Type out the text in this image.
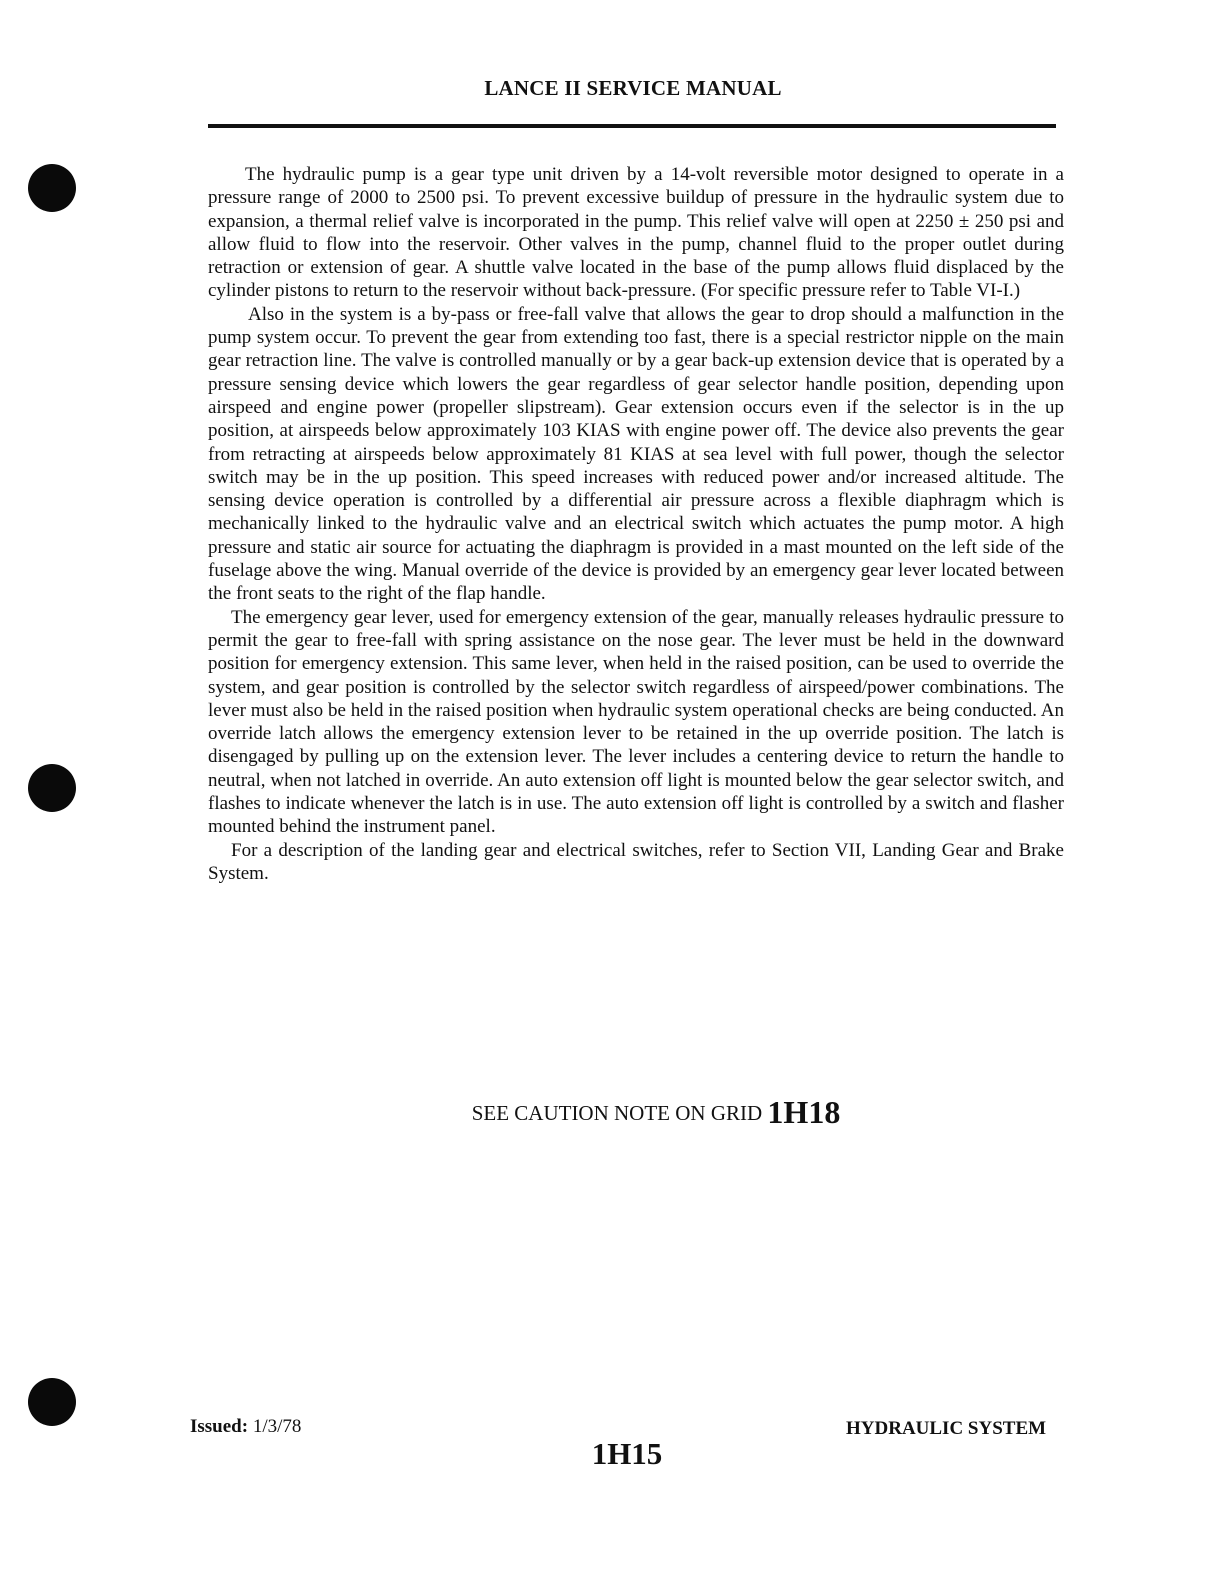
LANCE II SERVICE MANUAL

The hydraulic pump is a gear type unit driven by a 14-volt reversible motor designed to operate in a pressure range of 2000 to 2500 psi. To prevent excessive buildup of pressure in the hydraulic system due to expansion, a thermal relief valve is incorporated in the pump. This relief valve will open at 2250 ± 250 psi and allow fluid to flow into the reservoir. Other valves in the pump, channel fluid to the proper outlet during retraction or extension of gear. A shuttle valve located in the base of the pump allows fluid displaced by the cylinder pistons to return to the reservoir without back-pressure. (For specific pressure refer to Table VI-I.)

Also in the system is a by-pass or free-fall valve that allows the gear to drop should a malfunction in the pump system occur. To prevent the gear from extending too fast, there is a special restrictor nipple on the main gear retraction line. The valve is controlled manually or by a gear back-up extension device that is operated by a pressure sensing device which lowers the gear regardless of gear selector handle position, depending upon airspeed and engine power (propeller slipstream). Gear extension occurs even if the selector is in the up position, at airspeeds below approximately 103 KIAS with engine power off. The device also prevents the gear from retracting at airspeeds below approximately 81 KIAS at sea level with full power, though the selector switch may be in the up position. This speed increases with reduced power and/or increased altitude. The sensing device operation is controlled by a differential air pressure across a flexible diaphragm which is mechanically linked to the hydraulic valve and an electrical switch which actuates the pump motor. A high pressure and static air source for actuating the diaphragm is provided in a mast mounted on the left side of the fuselage above the wing. Manual override of the device is provided by an emergency gear lever located between the front seats to the right of the flap handle.

The emergency gear lever, used for emergency extension of the gear, manually releases hydraulic pressure to permit the gear to free-fall with spring assistance on the nose gear. The lever must be held in the downward position for emergency extension. This same lever, when held in the raised position, can be used to override the system, and gear position is controlled by the selector switch regardless of airspeed/power combinations. The lever must also be held in the raised position when hydraulic system operational checks are being conducted. An override latch allows the emergency extension lever to be retained in the up override position. The latch is disengaged by pulling up on the extension lever. The lever includes a centering device to return the handle to neutral, when not latched in override. An auto extension off light is mounted below the gear selector switch, and flashes to indicate whenever the latch is in use. The auto extension off light is controlled by a switch and flasher mounted behind the instrument panel.

For a description of the landing gear and electrical switches, refer to Section VII, Landing Gear and Brake System.

SEE CAUTION NOTE ON GRID 1H18
Issued: 1/3/78
1H15
HYDRAULIC SYSTEM
